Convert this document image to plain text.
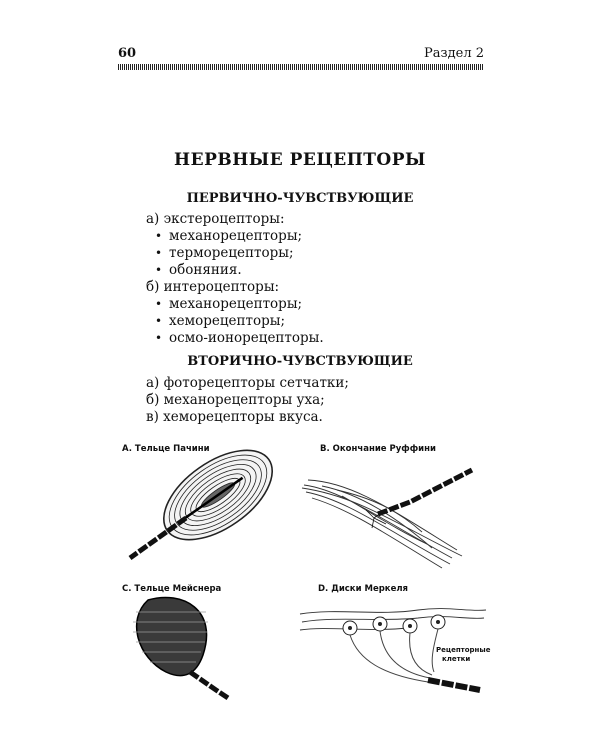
60	Раздел 2
НЕРВНЫЕ РЕЦЕПТОРЫ
ПЕРВИЧНО-ЧУВСТВУЮЩИЕ
а) экстероцепторы:
• механорецепторы;
• терморецепторы;
• обоняния.
б) интероцепторы:
• механорецепторы;
• хеморецепторы;
• осмо-ионорецепторы.
ВТОРИЧНО-ЧУВСТВУЮЩИЕ
а) фоторецепторы сетчатки;
б) механорецепторы уха;
в) хеморецепторы вкуса.
A. Тельце Пачини	B. Окончание Руффини
C. Тельце Мейснера	D. Диски Меркеля
Рецепторные
клетки
